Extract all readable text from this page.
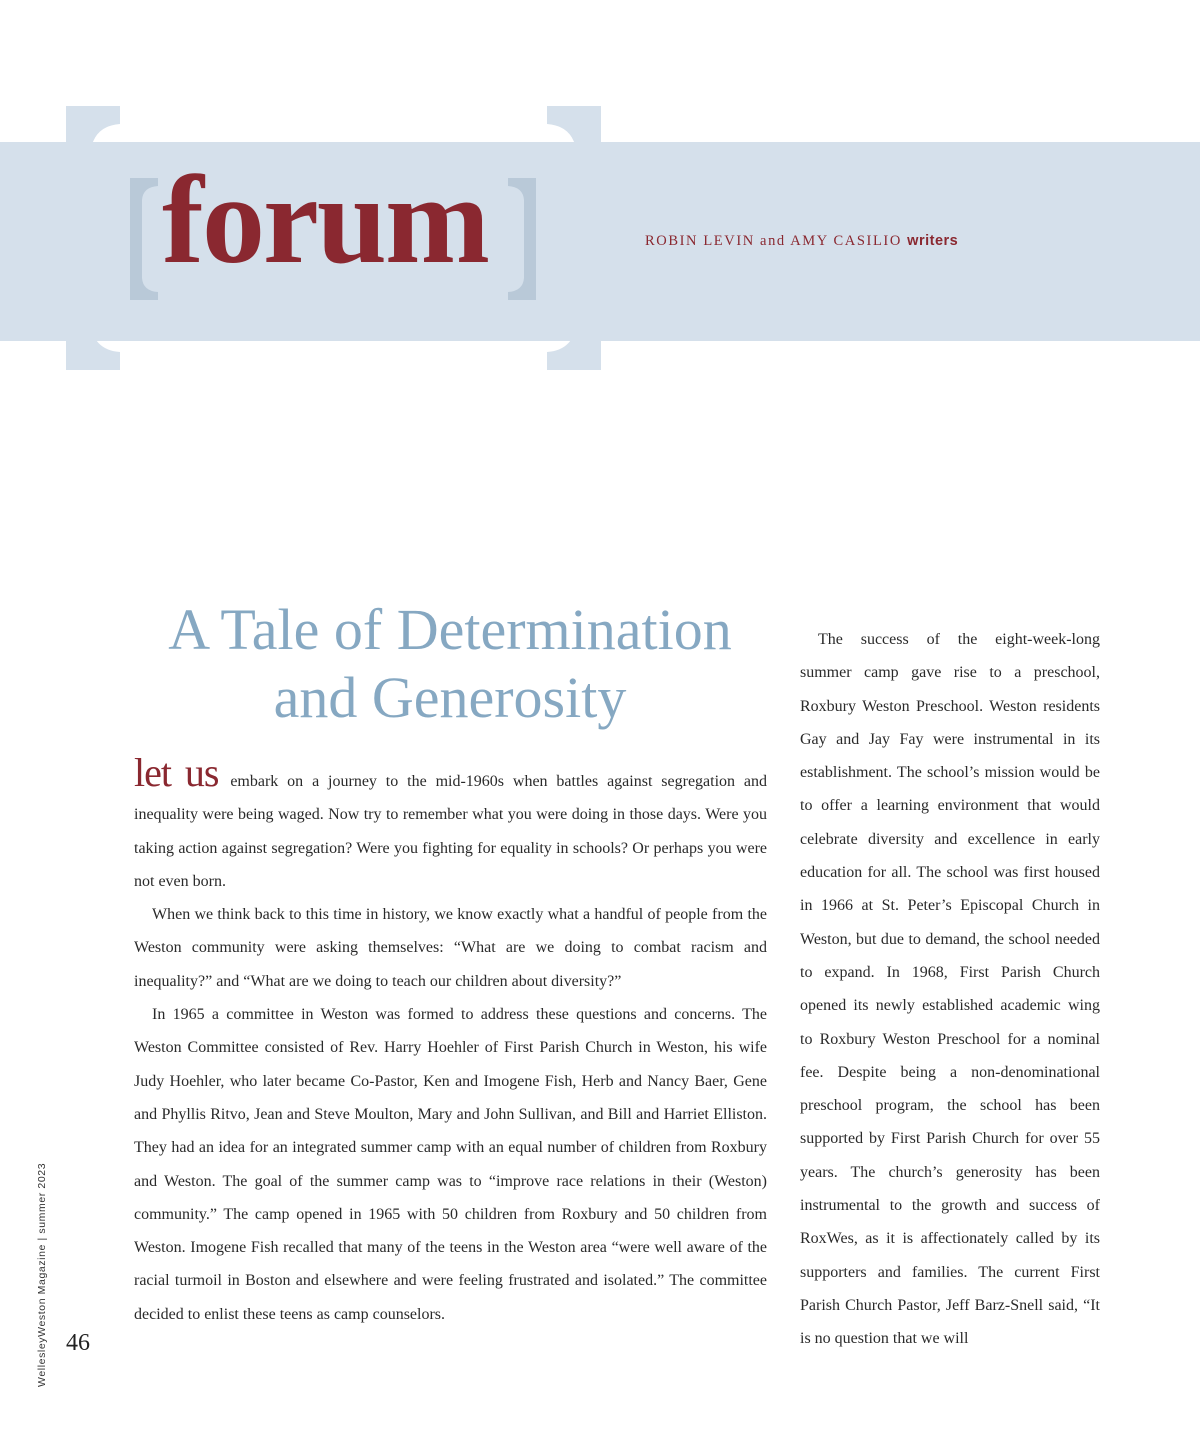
forum	ROBIN LEVIN and AMY CASILIO writers
A Tale of Determination
and Generosity

let us embark on a journey to the mid-1960s when battles against segregation and inequality were being waged. Now try to remember what you were doing in those days. Were you taking action against segregation? Were you fighting for equality in schools? Or perhaps you were not even born.

When we think back to this time in history, we know exactly what a handful of people from the Weston community were asking themselves: “What are we doing to combat racism and inequality?” and “What are we doing to teach our children about diversity?”

In 1965 a committee in Weston was formed to address these questions and concerns. The Weston Committee consisted of Rev. Harry Hoehler of First Parish Church in Weston, his wife Judy Hoehler, who later became Co-Pastor, Ken and Imogene Fish, Herb and Nancy Baer, Gene and Phyllis Ritvo, Jean and Steve Moulton, Mary and John Sullivan, and Bill and Harriet Elliston. They had an idea for an integrated summer camp with an equal number of children from Roxbury and Weston. The goal of the summer camp was to “improve race relations in their (Weston) community.” The camp opened in 1965 with 50 children from Roxbury and 50 children from Weston. Imogene Fish recalled that many of the teens in the Weston area “were well aware of the racial turmoil in Boston and elsewhere and were feeling frustrated and isolated.” The committee decided to enlist these teens as camp counselors.

The success of the eight-week-long summer camp gave rise to a preschool, Roxbury Weston Preschool. Weston residents Gay and Jay Fay were instrumental in its establishment. The school’s mission would be to offer a learning environment that would celebrate diversity and excellence in early education for all. The school was first housed in 1966 at St. Peter’s Episcopal Church in Weston, but due to demand, the school needed to expand. In 1968, First Parish Church opened its newly established academic wing to Roxbury Weston Preschool for a nominal fee. Despite being a non-denominational preschool program, the school has been supported by First Parish Church for over 55 years. The church’s generosity has been instrumental to the growth and success of RoxWes, as it is affectionately called by its supporters and families. The current First Parish Church Pastor, Jeff Barz-Snell said, “It is no question that we will

WellesleyWeston Magazine | summer 2023 46
